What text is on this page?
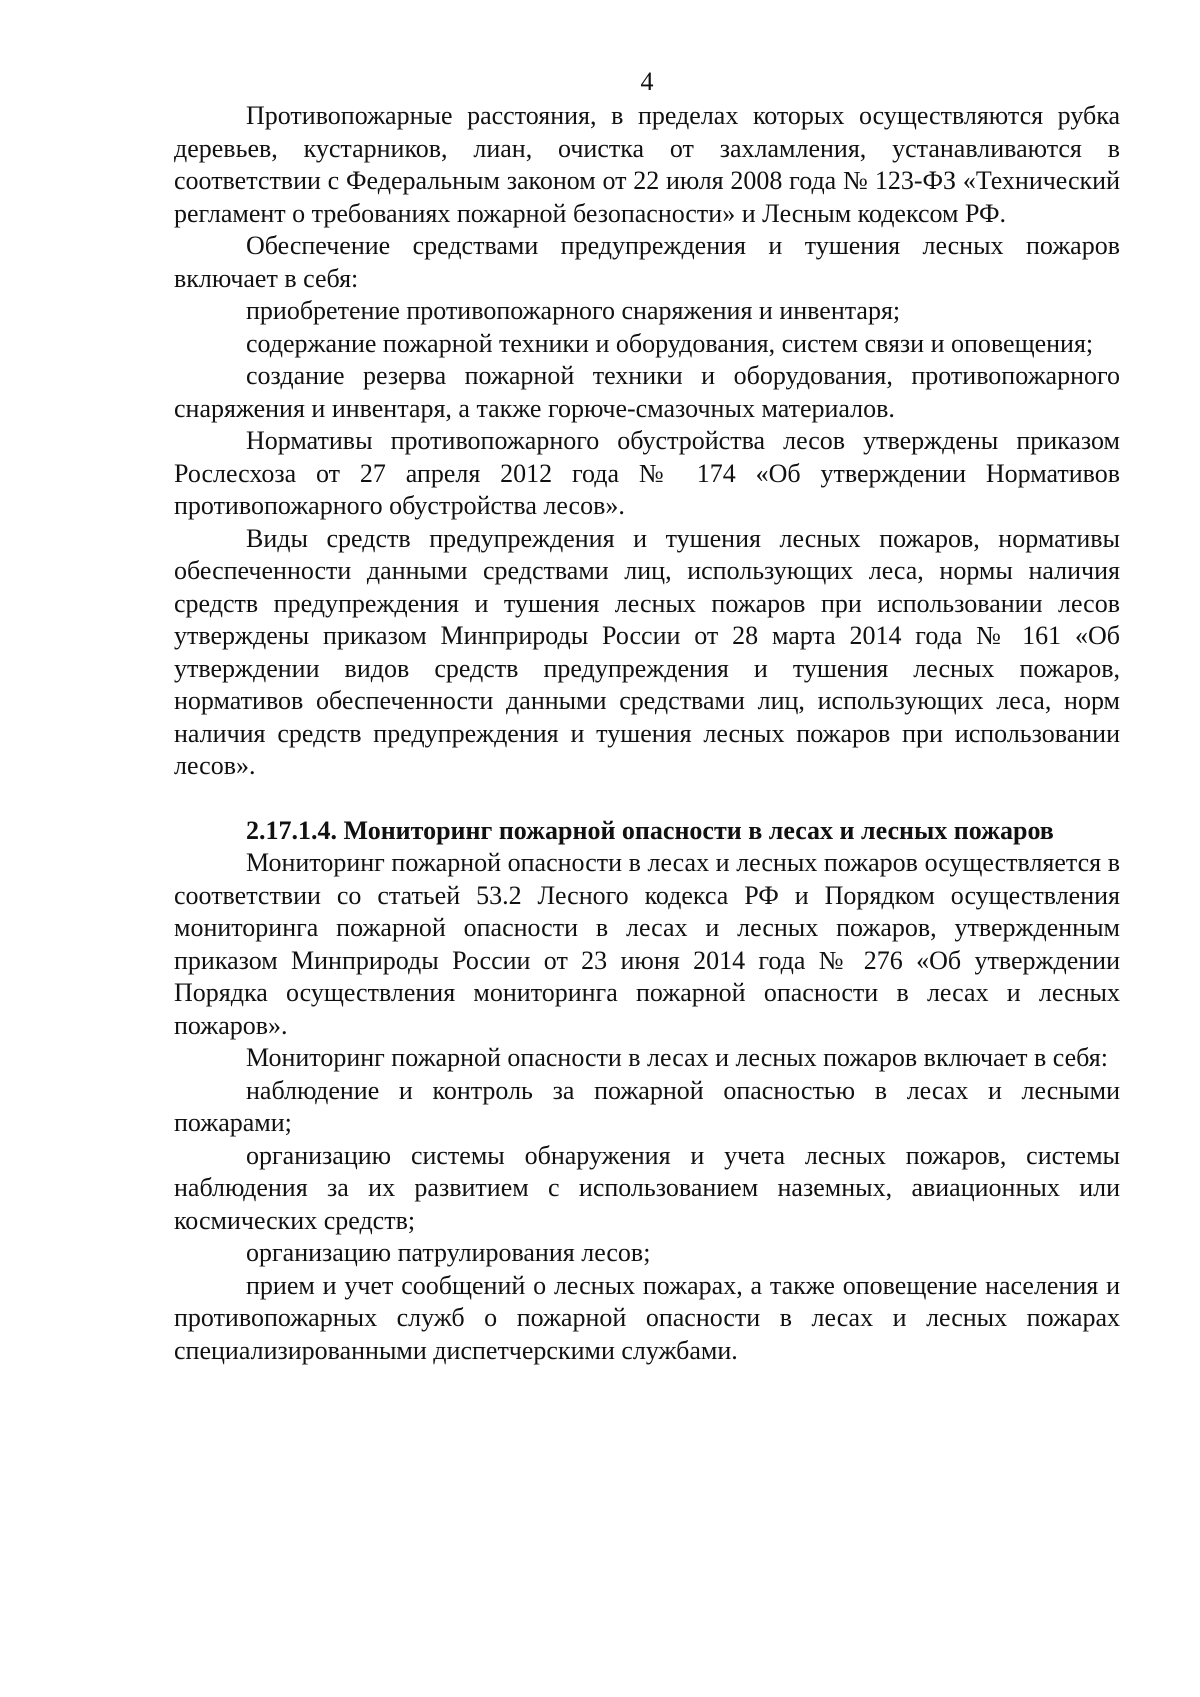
4

Противопожарные расстояния, в пределах которых осуществляются рубка деревьев, кустарников, лиан, очистка от захламления, устанавливаются в соответствии с Федеральным законом от 22 июля 2008 года № 123-ФЗ «Технический регламент о требованиях пожарной безопасности» и Лесным кодексом РФ.

Обеспечение средствами предупреждения и тушения лесных пожаров включает в себя:

приобретение противопожарного снаряжения и инвентаря;

содержание пожарной техники и оборудования, систем связи и оповещения;

создание резерва пожарной техники и оборудования, противопожарного снаряжения и инвентаря, а также горюче-смазочных материалов.

Нормативы противопожарного обустройства лесов утверждены приказом Рослесхоза от 27 апреля 2012 года № 174 «Об утверждении Нормативов противопожарного обустройства лесов».

Виды средств предупреждения и тушения лесных пожаров, нормативы обеспеченности данными средствами лиц, использующих леса, нормы наличия средств предупреждения и тушения лесных пожаров при использовании лесов утверждены приказом Минприроды России от 28 марта 2014 года № 161 «Об утверждении видов средств предупреждения и тушения лесных пожаров, нормативов обеспеченности данными средствами лиц, использующих леса, норм наличия средств предупреждения и тушения лесных пожаров при использовании лесов».

2.17.1.4. Мониторинг пожарной опасности в лесах и лесных пожаров

Мониторинг пожарной опасности в лесах и лесных пожаров осуществляется в соответствии со статьей 53.2 Лесного кодекса РФ и Порядком осуществления мониторинга пожарной опасности в лесах и лесных пожаров, утвержденным приказом Минприроды России от 23 июня 2014 года № 276 «Об утверждении Порядка осуществления мониторинга пожарной опасности в лесах и лесных пожаров».

Мониторинг пожарной опасности в лесах и лесных пожаров включает в себя:

наблюдение и контроль за пожарной опасностью в лесах и лесными пожарами;

организацию системы обнаружения и учета лесных пожаров, системы наблюдения за их развитием с использованием наземных, авиационных или космических средств;

организацию патрулирования лесов;

прием и учет сообщений о лесных пожарах, а также оповещение населения и противопожарных служб о пожарной опасности в лесах и лесных пожарах специализированными диспетчерскими службами.
